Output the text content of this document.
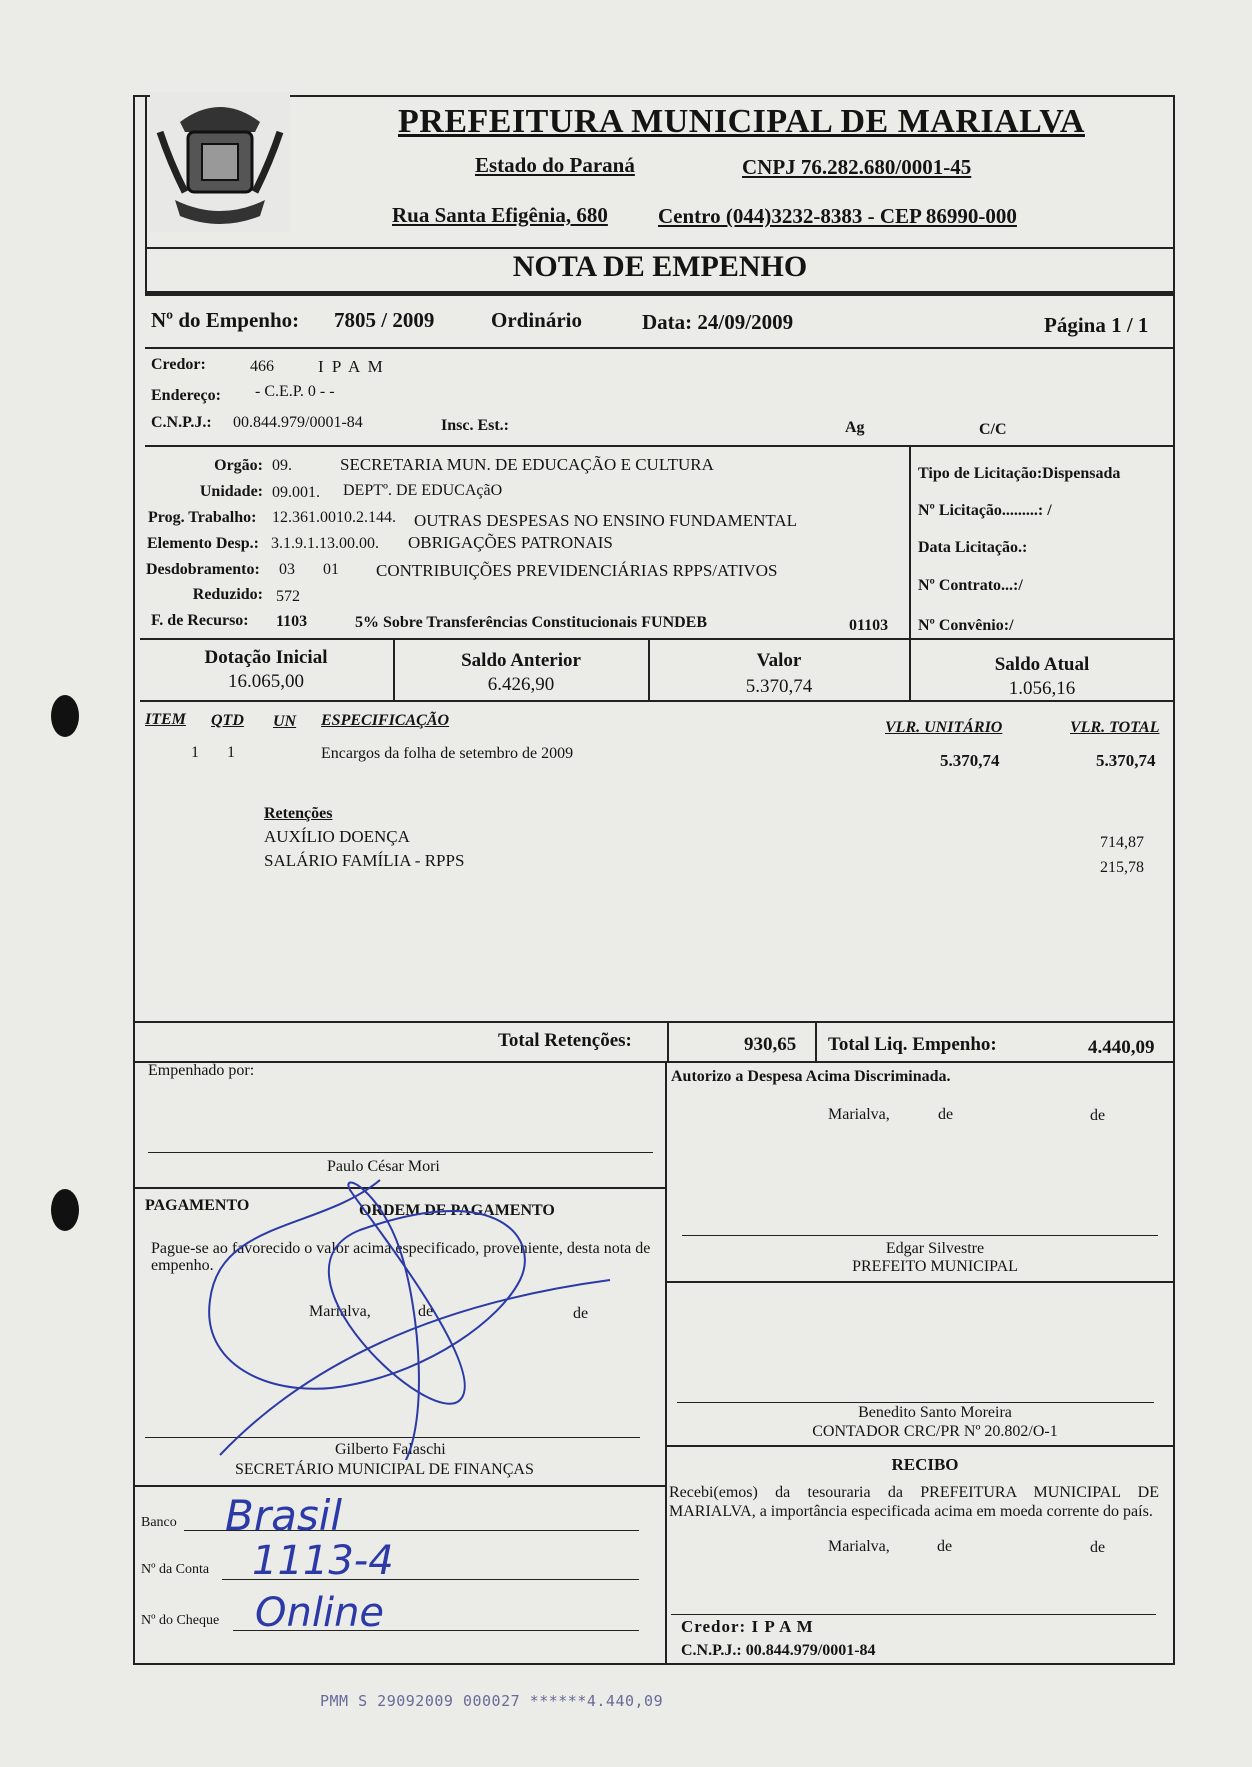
PREFEITURA MUNICIPAL DE MARIALVA
Estado do Paraná	CNPJ 76.282.680/0001-45
Rua Santa Efigênia, 680 Centro (044)3232-8383 - CEP 86990-000
NOTA DE EMPENHO
Nº do Empenho: 7805 / 2009	Ordinário	Data: 24/09/2009	Página 1 / 1
Credor:	466	I P A M
Endereço: - C.E.P. 0 - -
C.N.P.J.: 00.844.979/0001-84	Insc. Est.:	Ag	C/C
Orgão: 09.	SECRETARIA MUN. DE EDUCAÇÃO E CULTURA
Unidade: 09.001. DEPTº. DE EDUCAçãO
Prog. Trabalho: 12.361.0010.2.144. OUTRAS DESPESAS NO ENSINO FUNDAMENTAL
Elemento Desp.: 3.1.9.1.13.00.00. OBRIGAÇÕES PATRONAIS
Desdobramento: 03 01 CONTRIBUIÇÕES PREVIDENCIÁRIAS RPPS/ATIVOS
Reduzido: 572
F. de Recurso: 1103	5% Sobre Transferências Constitucionais FUNDEB	01103
Tipo de Licitação:Dispensada
Nº Licitação.........: /
Data Licitação.:
Nº Contrato...:/
Nº Convênio:/
Dotação Inicial
16.065,00
Saldo Anterior
6.426,90
Valor
5.370,74
Saldo Atual
1.056,16
ITEM QTD UN ESPECIFICAÇÃO	VLR. UNITÁRIO	VLR. TOTAL
1 1	Encargos da folha de setembro de 2009	5.370,74	5.370,74
Retenções
AUXÍLIO DOENÇA	714,87
SALÁRIO FAMÍLIA - RPPS	215,78
Total Retenções:	930,65 Total Liq. Empenho:	4.440,09
Empenhado por:
Paulo César Mori
PAGAMENTO	ORDEM DE PAGAMENTO
Pague-se ao favorecido o valor acima especificado, proveniente, desta nota de empenho.
Marialva,	de	de
Gilberto Falaschi
SECRETÁRIO MUNICIPAL DE FINANÇAS
Banco Brasil
Nº da Conta 1113-4
Nº do Cheque Online
Autorizo a Despesa Acima Discriminada.
Marialva,	de	de
Edgar Silvestre
PREFEITO MUNICIPAL
Benedito Santo Moreira
CONTADOR CRC/PR Nº 20.802/O-1
RECIBO
Recebi(emos) da tesouraria da PREFEITURA MUNICIPAL DE MARIALVA, a importância especificada acima em moeda corrente do país.
Marialva,	de	de
Credor: I P A M
C.N.P.J.: 00.844.979/0001-84
PMM S 29092009 000027 ******4.440,09
